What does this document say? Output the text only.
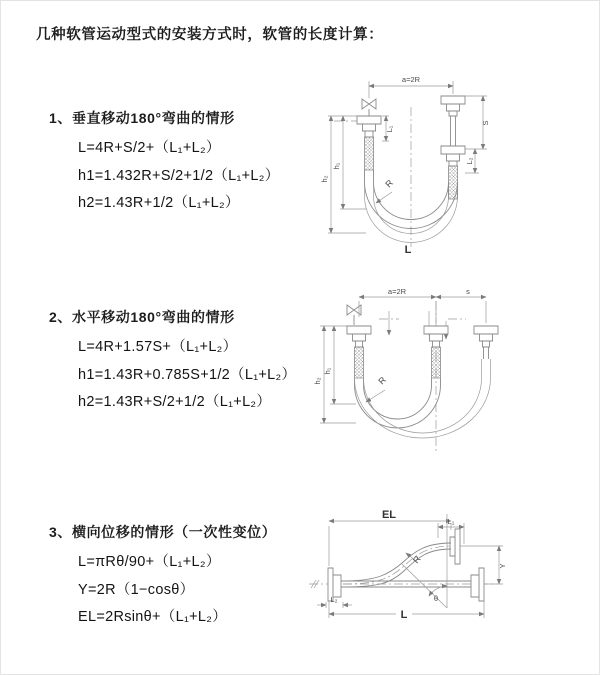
几种软管运动型式的安装方式时，软管的长度计算：
1、垂直移动180°弯曲的情形
L=4R+S/2+（L₁+L₂）
h1=1.432R+S/2+1/2（L₁+L₂）
h2=1.43R+1/2（L₁+L₂）
2、水平移动180°弯曲的情形
L=4R+1.57S+（L₁+L₂）
h1=1.43R+0.785S+1/2（L₁+L₂）
h2=1.43R+S/2+1/2（L₁+L₂）
3、横向位移的情形（一次性变位）
L=πRθ/90+（L₁+L₂）
Y=2R（1−cosθ）
EL=2Rsinθ+（L₁+L₂）
a=2R
R
h₂
h₁
L₁
S
L₂
L
a=2R	s
R
h₂
h₁
EL
L₁
Y
R
θ
L₂
L
